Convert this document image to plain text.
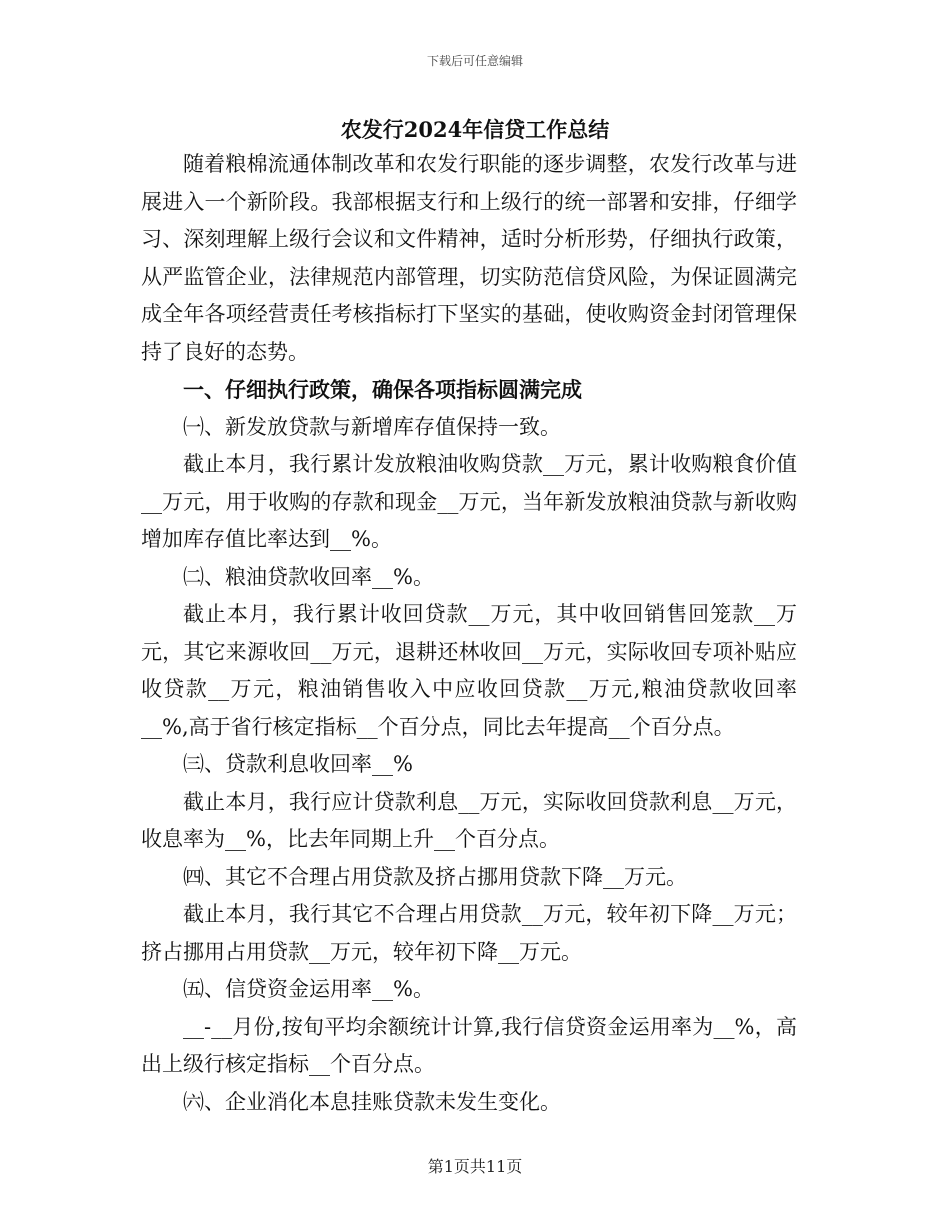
下载后可任意编辑
农发行2024年信贷工作总结

随着粮棉流通体制改革和农发行职能的逐步调整，农发行改革与进展进入一个新阶段。我部根据支行和上级行的统一部署和安排，仔细学习、深刻理解上级行会议和文件精神，适时分析形势，仔细执行政策，从严监管企业，法律规范内部管理，切实防范信贷风险，为保证圆满完成全年各项经营责任考核指标打下坚实的基础，使收购资金封闭管理保持了良好的态势。

一、仔细执行政策，确保各项指标圆满完成

㈠、新发放贷款与新增库存值保持一致。

截止本月，我行累计发放粮油收购贷款__万元，累计收购粮食价值__万元，用于收购的存款和现金__万元，当年新发放粮油贷款与新收购增加库存值比率达到__%。

㈡、粮油贷款收回率__%。

截止本月，我行累计收回贷款__万元，其中收回销售回笼款__万元，其它来源收回__万元，退耕还林收回__万元，实际收回专项补贴应收贷款__万元，粮油销售收入中应收回贷款__万元,粮油贷款收回率__%,高于省行核定指标__个百分点，同比去年提高__个百分点。

㈢、贷款利息收回率__%

截止本月，我行应计贷款利息__万元，实际收回贷款利息__万元，收息率为__%，比去年同期上升__个百分点。

㈣、其它不合理占用贷款及挤占挪用贷款下降__万元。

截止本月，我行其它不合理占用贷款__万元，较年初下降__万元；挤占挪用占用贷款__万元，较年初下降__万元。

㈤、信贷资金运用率__%。

__-__月份,按旬平均余额统计计算,我行信贷资金运用率为__%，高出上级行核定指标__个百分点。

㈥、企业消化本息挂账贷款未发生变化。

第1页共11页
